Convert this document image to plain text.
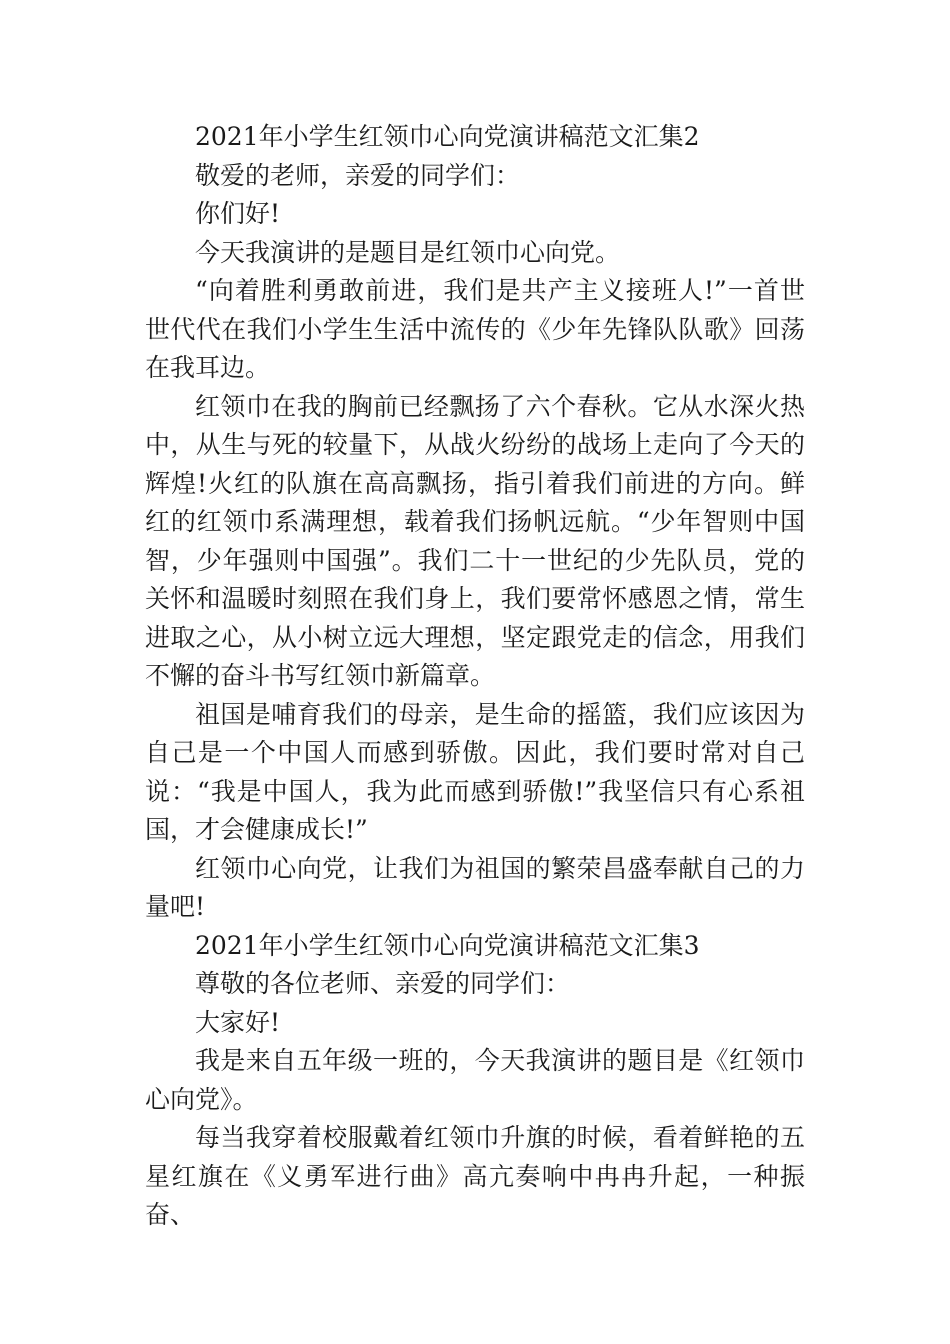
2021年小学生红领巾心向党演讲稿范文汇集2

敬爱的老师，亲爱的同学们：

你们好!

今天我演讲的是题目是红领巾心向党。

“向着胜利勇敢前进，我们是共产主义接班人!”一首世世代代在我们小学生生活中流传的《少年先锋队队歌》回荡在我耳边。

红领巾在我的胸前已经飘扬了六个春秋。它从水深火热中，从生与死的较量下，从战火纷纷的战场上走向了今天的辉煌!火红的队旗在高高飘扬，指引着我们前进的方向。鲜红的红领巾系满理想，载着我们扬帆远航。“少年智则中国智，少年强则中国强”。我们二十一世纪的少先队员，党的关怀和温暖时刻照在我们身上，我们要常怀感恩之情，常生进取之心，从小树立远大理想，坚定跟党走的信念，用我们不懈的奋斗书写红领巾新篇章。

祖国是哺育我们的母亲，是生命的摇篮，我们应该因为自己是一个中国人而感到骄傲。因此，我们要时常对自己说：“我是中国人，我为此而感到骄傲!”我坚信只有心系祖国，才会健康成长!”

红领巾心向党，让我们为祖国的繁荣昌盛奉献自己的力量吧!

2021年小学生红领巾心向党演讲稿范文汇集3

尊敬的各位老师、亲爱的同学们：

大家好!

我是来自五年级一班的，今天我演讲的题目是《红领巾心向党》。

每当我穿着校服戴着红领巾升旗的时候，看着鲜艳的五星红旗在《义勇军进行曲》高亢奏响中冉冉升起，一种振奋、
